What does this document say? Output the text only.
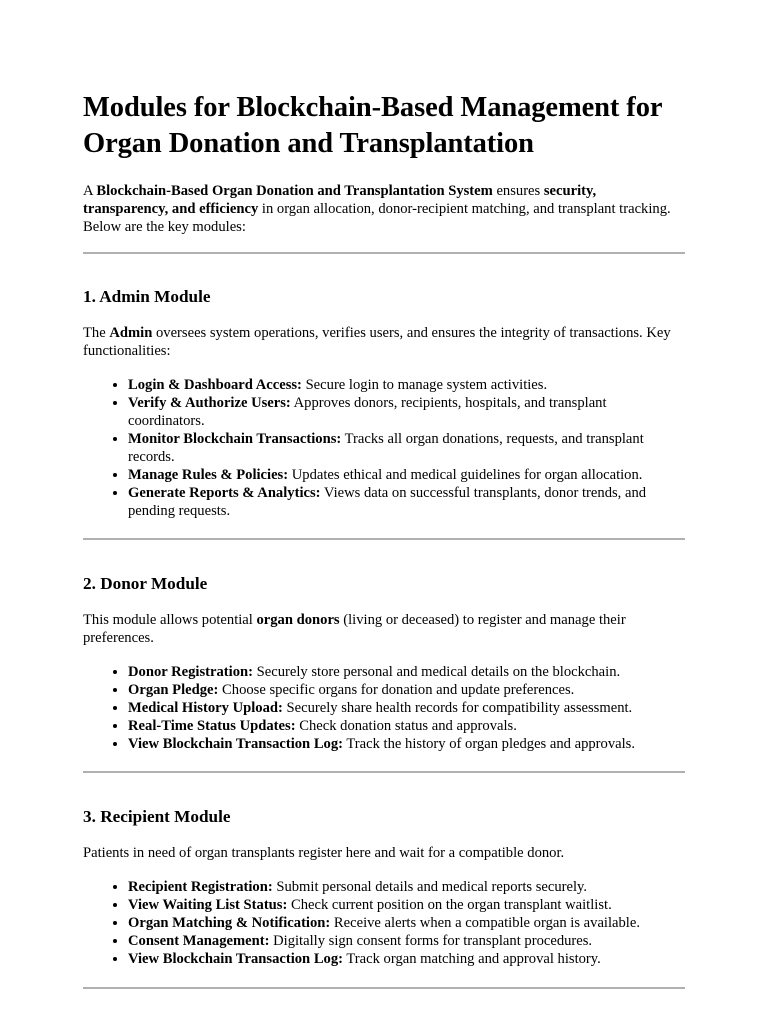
Modules for Blockchain-Based Management for Organ Donation and Transplantation

A Blockchain-Based Organ Donation and Transplantation System ensures security, transparency, and efficiency in organ allocation, donor-recipient matching, and transplant tracking. Below are the key modules:

1. Admin Module

The Admin oversees system operations, verifies users, and ensures the integrity of transactions. Key functionalities:

• Login & Dashboard Access: Secure login to manage system activities.
• Verify & Authorize Users: Approves donors, recipients, hospitals, and transplant coordinators.
• Monitor Blockchain Transactions: Tracks all organ donations, requests, and transplant records.
• Manage Rules & Policies: Updates ethical and medical guidelines for organ allocation.
• Generate Reports & Analytics: Views data on successful transplants, donor trends, and pending requests.
2. Donor Module

This module allows potential organ donors (living or deceased) to register and manage their preferences.

• Donor Registration: Securely store personal and medical details on the blockchain.
• Organ Pledge: Choose specific organs for donation and update preferences.
• Medical History Upload: Securely share health records for compatibility assessment.
• Real-Time Status Updates: Check donation status and approvals.
• View Blockchain Transaction Log: Track the history of organ pledges and approvals.
3. Recipient Module

Patients in need of organ transplants register here and wait for a compatible donor.

• Recipient Registration: Submit personal details and medical reports securely.
• View Waiting List Status: Check current position on the organ transplant waitlist.
• Organ Matching & Notification: Receive alerts when a compatible organ is available.
• Consent Management: Digitally sign consent forms for transplant procedures.
• View Blockchain Transaction Log: Track organ matching and approval history.
